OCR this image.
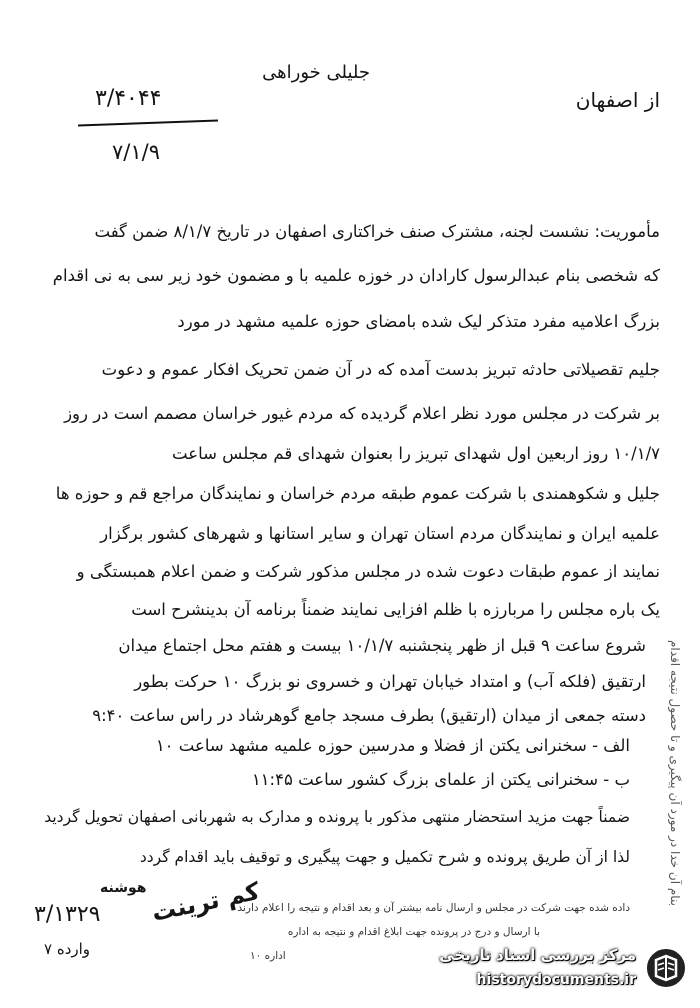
از اصفهان
جلیلی خوراهی
۳/۴۰۴۴
۷/۱/۹
مأموریت: نشست لجنه، مشترک صنف خراکتاری اصفهان در تاریخ ۸/۱/۷ ضمن گفت
که شخصی بنام عبدالرسول کارادان در خوزه علمیه با و مضمون خود زیر سی به نی اقدام
بزرگ اعلامیه مفرد متذکر لیک شده بامضای حوزه علمیه مشهد در مورد
جلیم تقصیلاتی حادثه تبریز بدست آمده که در آن ضمن تحریک افکار عموم و دعوت
بر شرکت در مجلس مورد نظر اعلام گردیده که مردم غیور خراسان مصمم است در روز
۱۰/۱/۷ روز اربعین اول شهدای تبریز را بعنوان شهدای قم مجلس ساعت
جلیل و شکوهمندی با شرکت عموم طبقه مردم خراسان و نمایندگان مراجع قم و حوزه ها
علمیه ایران و نمایندگان مردم استان تهران و سایر استانها و شهرهای کشور برگزار
نمایند از عموم طبقات دعوت شده در مجلس مذکور شرکت و ضمن اعلام همبستگی و
یک باره مجلس را مربارزه با ظلم افزایی نمایند ضمناً برنامه آن بدینشرح است
شروع ساعت ۹ قبل از ظهر پنجشنبه ۱۰/۱/۷ بیست و هفتم محل اجتماع میدان
ارتقیق (فلکه آب) و امتداد خیابان تهران و خسروی نو بزرگ ۱۰ حرکت بطور
دسته جمعی از میدان (ارتقیق) بطرف مسجد جامع گوهرشاد در راس ساعت ۹:۴۰
الف - سخنرانی یکتن از فضلا و مدرسین حوزه علمیه مشهد ساعت ۱۰
ب - سخنرانی یکتن از علمای بزرگ کشور ساعت ۱۱:۴۵
ضمناً جهت مزید استحضار منتهی مذکور با پرونده و مدارک به شهربانی اصفهان تحویل گردید
لذا از آن طریق پرونده و شرح تکمیل و جهت پیگیری و توقیف باید اقدام گردد	بنام آن خدا در مورد آن پیگیری و تا حصول نتیجه اقدام
کم ترینت
هوشنه
۳/۱۳۲۹
وارده ۷
داده شده جهت شرکت در مجلس و ارسال نامه بیشتر آن و بعد اقدام و نتیجه را اعلام دارند
با ارسال و درج در پرونده جهت ابلاغ اقدام و نتیجه به اداره
اداره ۱۰	مرکز بررسی اسناد تاریخی
historydocuments.ir
